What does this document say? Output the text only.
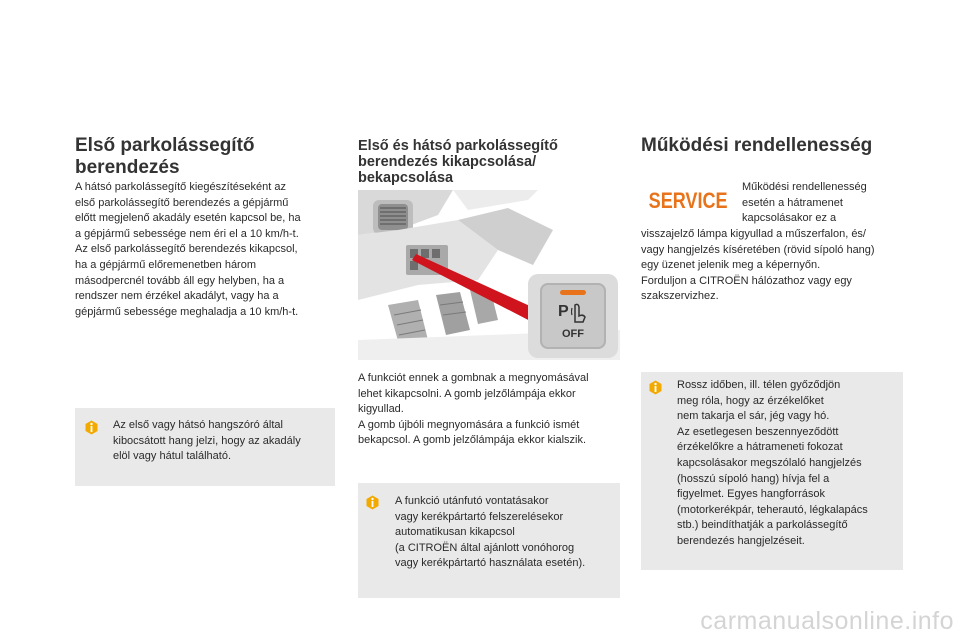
Első parkolássegítő
berendezés
A hátsó parkolássegítő kiegészítéseként az
első parkolássegítő berendezés a gépjármű
előtt megjelenő akadály esetén kapcsol be, ha
a gépjármű sebessége nem éri el a 10 km/h-t.
Az első parkolássegítő berendezés kikapcsol,
ha a gépjármű előremenetben három
másodpercnél tovább áll egy helyben, ha a
rendszer nem érzékel akadályt, vagy ha a
gépjármű sebessége meghaladja a 10 km/h-t.
Az első vagy hátsó hangszóró által
kibocsátott hang jelzi, hogy az akadály
elöl vagy hátul található.
Első és hátsó parkolássegítő
berendezés kikapcsolása/
bekapcsolása
P
OFF
A funkciót ennek a gombnak a megnyomásával
lehet kikapcsolni. A gomb jelzőlámpája ekkor
kigyullad.
A gomb újbóli megnyomására a funkció ismét
bekapcsol. A gomb jelzőlámpája ekkor kialszik.
A funkció utánfutó vontatásakor
vagy kerékpártartó felszerelésekor
automatikusan kikapcsol
(a CITROËN által ajánlott vonóhorog
vagy kerékpártartó használata esetén).
Működési rendellenesség
SERVICE
Működési rendellenesség
esetén a hátramenet
kapcsolásakor ez a
visszajelző lámpa kigyullad a műszerfalon, és/
vagy hangjelzés kíséretében (rövid sípoló hang)
egy üzenet jelenik meg a képernyőn.
Forduljon a CITROËN hálózathoz vagy egy
szakszervizhez.
Rossz időben, ill. télen győződjön
meg róla, hogy az érzékelőket
nem takarja el sár, jég vagy hó.
Az esetlegesen beszennyeződött
érzékelőkre a hátrameneti fokozat
kapcsolásakor megszólaló hangjelzés
(hosszú sípoló hang) hívja fel a
figyelmet. Egyes hangforrások
(motorkerékpár, teherautó, légkalapács
stb.) beindíthatják a parkolássegítő
berendezés hangjelzéseit.
carmanualsonline.info
